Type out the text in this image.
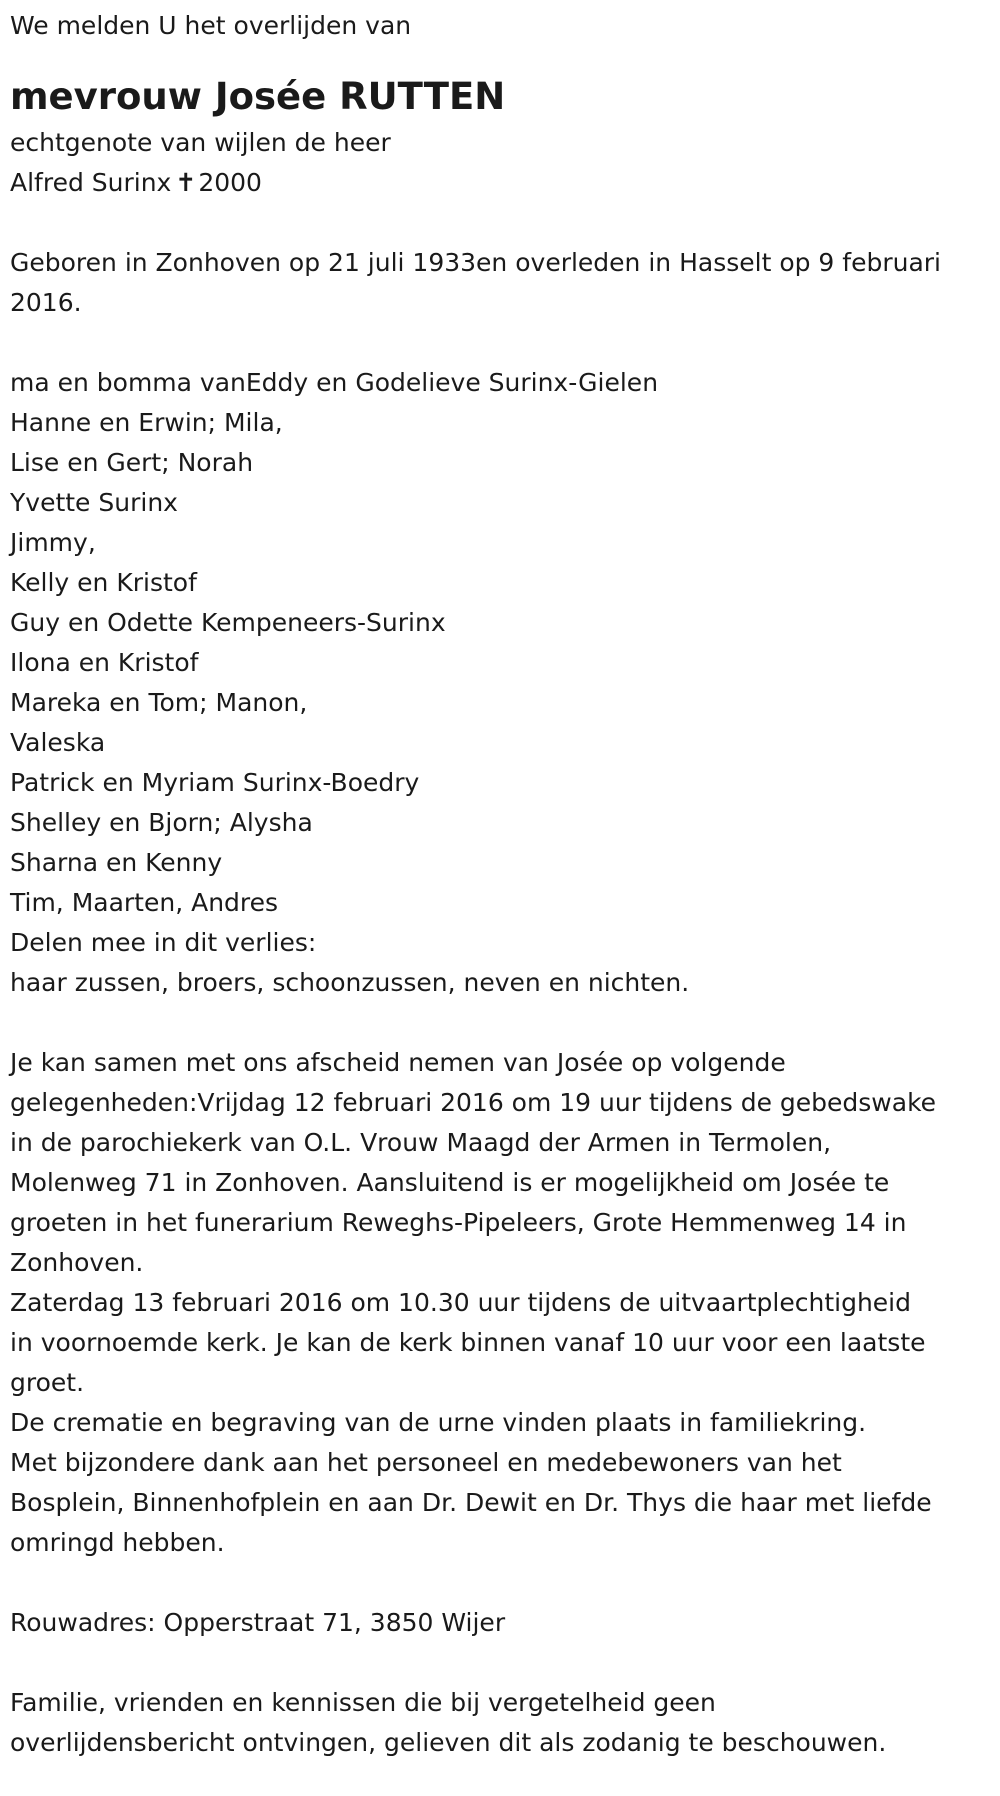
We melden U het overlijden van
mevrouw Josée RUTTEN
echtgenote van wijlen de heer
Alfred Surinx ✝2000
Geboren in Zonhoven op 21 juli 1933en overleden in Hasselt op 9 februari
2016.
ma en bomma vanEddy en Godelieve Surinx-Gielen
Hanne en Erwin; Mila,
Lise en Gert; Norah
Yvette Surinx
Jimmy,
Kelly en Kristof
Guy en Odette Kempeneers-Surinx
Ilona en Kristof
Mareka en Tom; Manon,
Valeska
Patrick en Myriam Surinx-Boedry
Shelley en Bjorn; Alysha
Sharna en Kenny
Tim, Maarten, Andres
Delen mee in dit verlies:
haar zussen, broers, schoonzussen, neven en nichten.
Je kan samen met ons afscheid nemen van Josée op volgende
gelegenheden:Vrijdag 12 februari 2016 om 19 uur tijdens de gebedswake
in de parochiekerk van O.L. Vrouw Maagd der Armen in Termolen,
Molenweg 71 in Zonhoven. Aansluitend is er mogelijkheid om Josée te
groeten in het funerarium Reweghs-Pipeleers, Grote Hemmenweg 14 in
Zonhoven.
Zaterdag 13 februari 2016 om 10.30 uur tijdens de uitvaartplechtigheid
in voornoemde kerk. Je kan de kerk binnen vanaf 10 uur voor een laatste
groet.
De crematie en begraving van de urne vinden plaats in familiekring.
Met bijzondere dank aan het personeel en medebewoners van het
Bosplein, Binnenhofplein en aan Dr. Dewit en Dr. Thys die haar met liefde
omringd hebben.
Rouwadres: Opperstraat 71, 3850 Wijer
Familie, vrienden en kennissen die bij vergetelheid geen
overlijdensbericht ontvingen, gelieven dit als zodanig te beschouwen.
